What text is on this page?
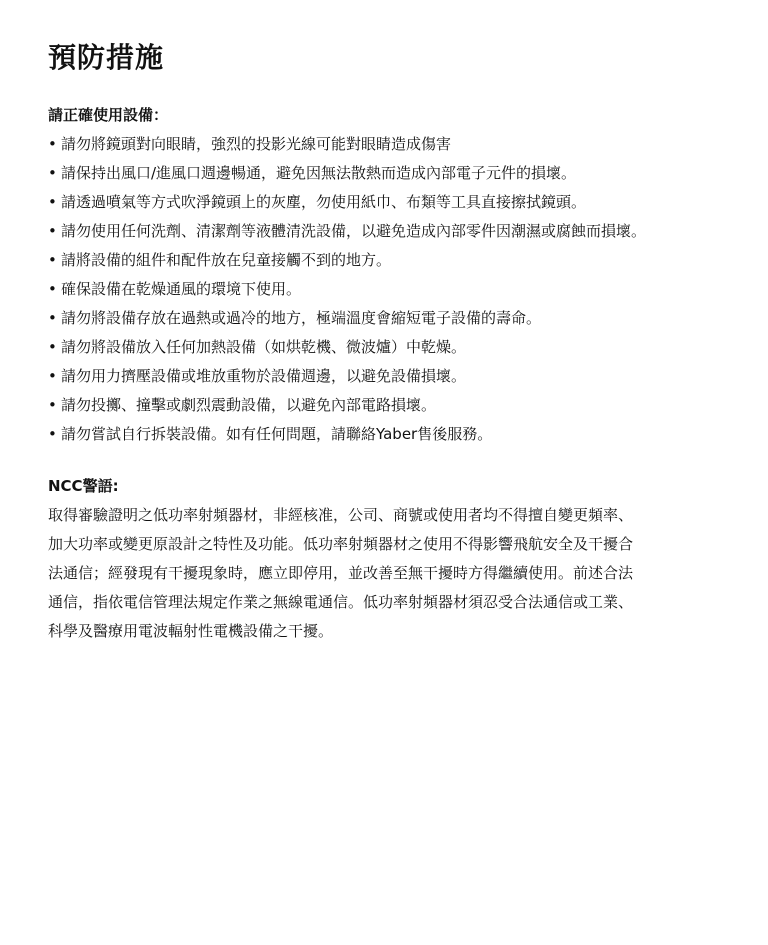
預防措施
請正確使用設備：
• 請勿將鏡頭對向眼睛，強烈的投影光線可能對眼睛造成傷害
• 請保持出風口/進風口週邊暢通，避免因無法散熱而造成內部電子元件的損壞。
• 請透過噴氣等方式吹淨鏡頭上的灰塵，勿使用紙巾、布類等工具直接擦拭鏡頭。
• 請勿使用任何洗劑、清潔劑等液體清洗設備，以避免造成內部零件因潮濕或腐蝕而損壞。
• 請將設備的組件和配件放在兒童接觸不到的地方。
• 確保設備在乾燥通風的環境下使用。
• 請勿將設備存放在過熱或過冷的地方，極端溫度會縮短電子設備的壽命。
• 請勿將設備放入任何加熱設備（如烘乾機、微波爐）中乾燥。
• 請勿用力擠壓設備或堆放重物於設備週邊，以避免設備損壞。
• 請勿投擲、撞擊或劇烈震動設備，以避免內部電路損壞。
• 請勿嘗試自行拆裝設備。如有任何問題，請聯絡Yaber售後服務。
NCC警語:
取得審驗證明之低功率射頻器材，非經核准，公司、商號或使用者均不得擅自變更頻率、
加大功率或變更原設計之特性及功能。低功率射頻器材之使用不得影響飛航安全及干擾合
法通信；經發現有干擾現象時，應立即停用，並改善至無干擾時方得繼續使用。前述合法
通信，指依電信管理法規定作業之無線電通信。低功率射頻器材須忍受合法通信或工業、
科學及醫療用電波輻射性電機設備之干擾。
